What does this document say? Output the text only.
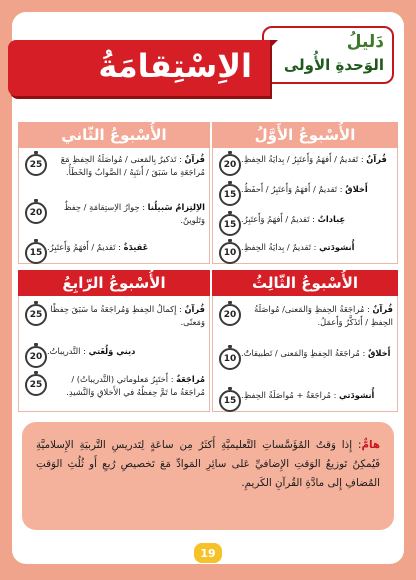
دَليلُ
الوَحدةِ الأُولى
الاِسْتِقامَةُ
الأُسْبوعُ الأَوَّلُ
20
قُرآنٌ : تَقديمٌ / أَفهَمُ وَأَعتَبِرُ / بِدايَةُ الحِفظِ.
15
أَخلاقٌ : تَقديمٌ / أَفهَمُ وَأَعتَبِرُ / أَحفَظُ.
15
عِباداتٌ : تَقديمٌ / أَفهَمُ وَأَعتَبِرُ.
10
أُنشودَتي : تَقديمٌ / بِدايَةُ الحِفظِ.
الأُسْبوعُ الثّاني
25
قُرآنٌ : تَذكيرٌ بِالمَعنى / مُواصَلَةُ الحِفظِ مَعَ مُراجَعَةِ ما سَبَقَ / أَنتَبِهُ / الصَّوابُ وَالخَطَأُ.
20
الاِلتِزامُ سَبيلُنا : حِوارُ الاِستِقامَةِ / حِفظٌ وَتَلوينٌ.
15
عَقيدَةٌ : تَقديمٌ / أَفهَمُ وَأَعتَبِرُ.
الأُسْبوعُ الثّالِثُ
20
قُرآنٌ : مُراجَعَةُ الحِفظِ وَالمَعنى/ مُواصَلَةُ الحِفظِ / أَتَذَكَّرُ وَأَعمَلُ.
10
أَخلاقٌ : مُراجَعَةُ الحِفظِ وَالمَعنى / تَطبيقاتٌ.
15
أُنشودَتي : مُراجَعَةٌ + مُواصَلَةُ الحِفظِ.
الأُسْبوعُ الرّابِعُ
25
قُرآنٌ : إِكمالُ الحِفظِ وَمُراجَعَةُ ما سَبَقَ حِفظًا وَمَعنًى.
20
ديني وَلُغَتي : التَّدريباتُ.
25
مُراجَعَةٌ : أَختَبِرُ مَعلوماتي (التَّدريباتُ) / مُراجَعَةُ ما تَمَّ حِفظُهُ في الأَخلاقِ وَالنَّشيدِ.
هامٌّ: إِذا وَقتُ المُؤَسَّساتِ التَّعليميَّةِ أَكثَرُ مِن ساعَةٍ لِتَدريسِ التَّربيَةِ الإِسلاميَّةِ فَيُمكِنُ تَوزيعُ الوَقتِ الإِضافيِّ عَلى سائِرِ المَوادِّ مَعَ تَخصيصِ رُبعِ أَو ثُلُثِ الوَقتِ المُضافِ إِلى مادَّةِ القُرآنِ الكَريمِ.
19
